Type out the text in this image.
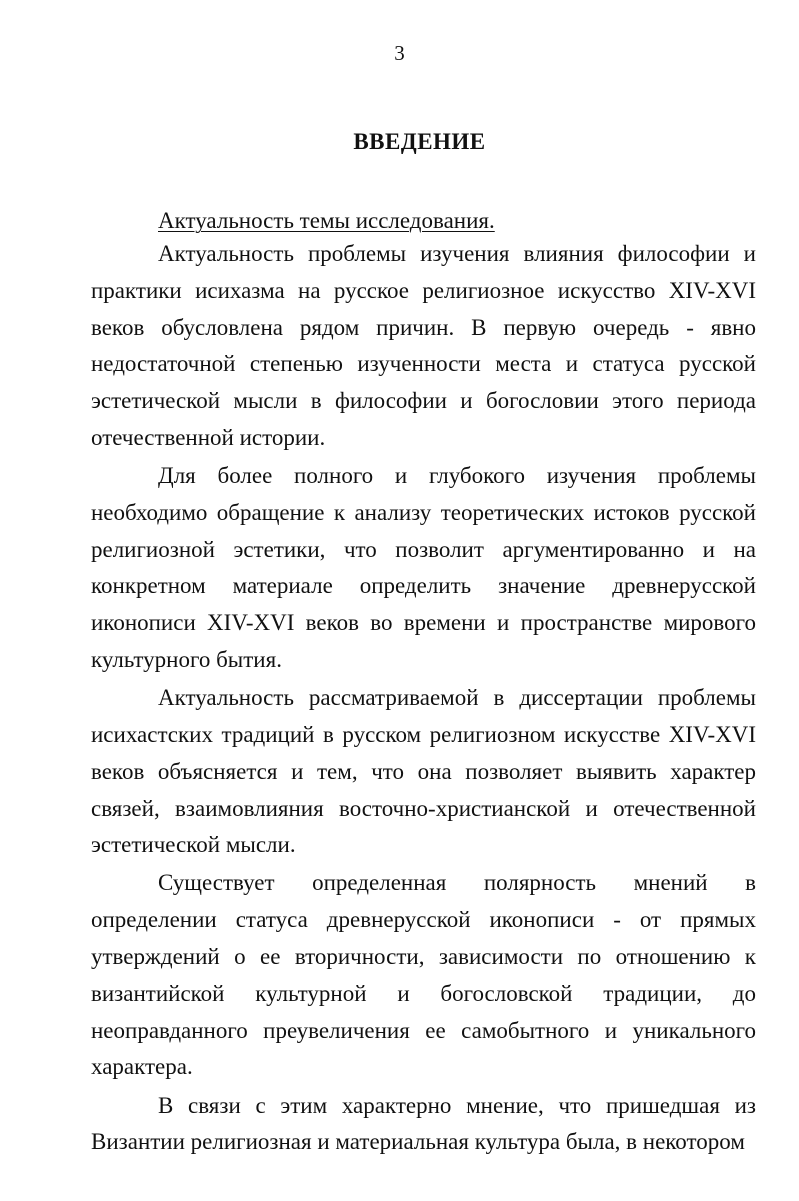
3
ВВЕДЕНИЕ
Актуальность темы исследования.

Актуальность проблемы изучения влияния философии и практики исихазма на русское религиозное искусство XIV-XVI веков обусловлена рядом причин. В первую очередь - явно недостаточной степенью изученности места и статуса русской эстетической мысли в философии и богословии этого периода отечественной истории.

Для более полного и глубокого изучения проблемы необходимо обращение к анализу теоретических истоков русской религиозной эстетики, что позволит аргументированно и на конкретном материале определить значение древнерусской иконописи XIV-XVI веков во времени и пространстве мирового культурного бытия.

Актуальность рассматриваемой в диссертации проблемы исихастских традиций в русском религиозном искусстве XIV-XVI веков объясняется и тем, что она позволяет выявить характер связей, взаимовлияния восточно-христианской и отечественной эстетической мысли.

Существует определенная полярность мнений в определении статуса древнерусской иконописи - от прямых утверждений о ее вторичности, зависимости по отношению к византийской культурной и богословской традиции, до неоправданного преувеличения ее самобытного и уникального характера.

В связи с этим характерно мнение, что пришедшая из Византии религиозная и материальная культура была, в некотором
